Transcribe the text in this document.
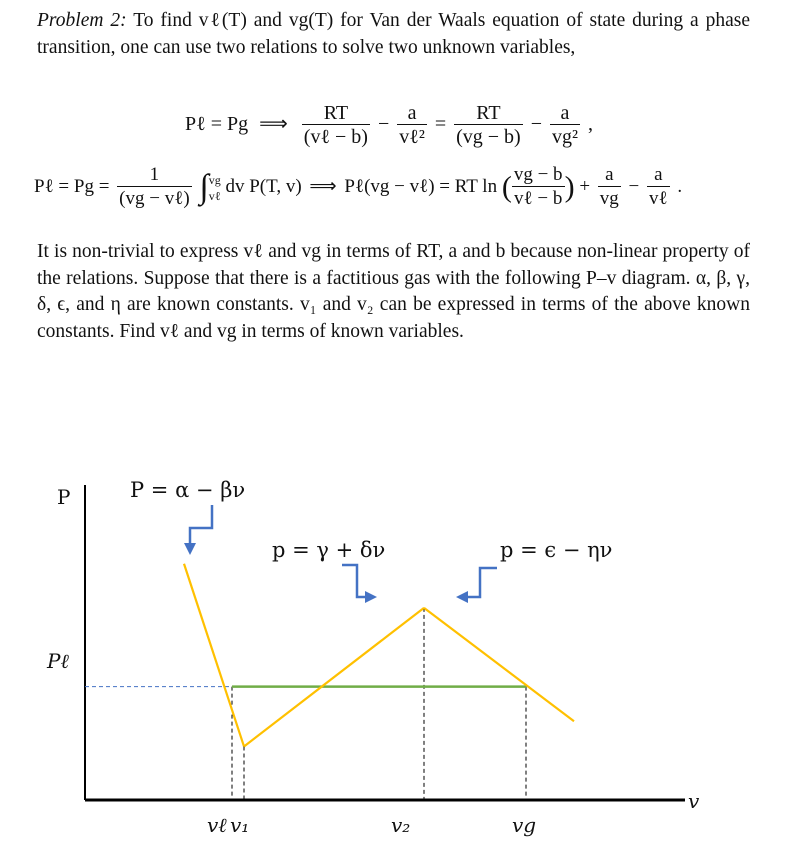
Problem 2: To find vℓ(T) and vg(T) for Van der Waals equation of state during a phase transition, one can use two relations to solve two unknown variables,
Pℓ = Pg ⟹ $\frac{RT}{\text{(vℓ − b)}} - \frac{a}{\text{vℓ²}} = \frac{RT}{(vg - b)} - \frac{a}{\text{vg²}}$ ,
Pℓ = $Pg = \frac{1}{\text{(vg − vℓ)}}$ ∫ vg
vℓ dv P(T, v) ⟹ Pℓ(vg − vℓ) = RT ln ( $\frac{vg - b}{\text{vℓ − b}}$ ) + $\frac{a}{vg} - \frac{a}{\text{vℓ}}$ .
It is non-trivial to express vℓ and vg in terms of RT, a and b because non-linear property of the relations. Suppose that there is a factitious gas with the following P–v diagram. α, β, γ, δ, ϵ, and η are known constants. v₁ and v₂ can be expressed in terms of the above known constants. Find vℓ and vg in terms of known variables.
P
v
vℓ v₁	v₂	vg
Pℓ
P = α − βν
p = γ + δν	p = ϵ − ην
